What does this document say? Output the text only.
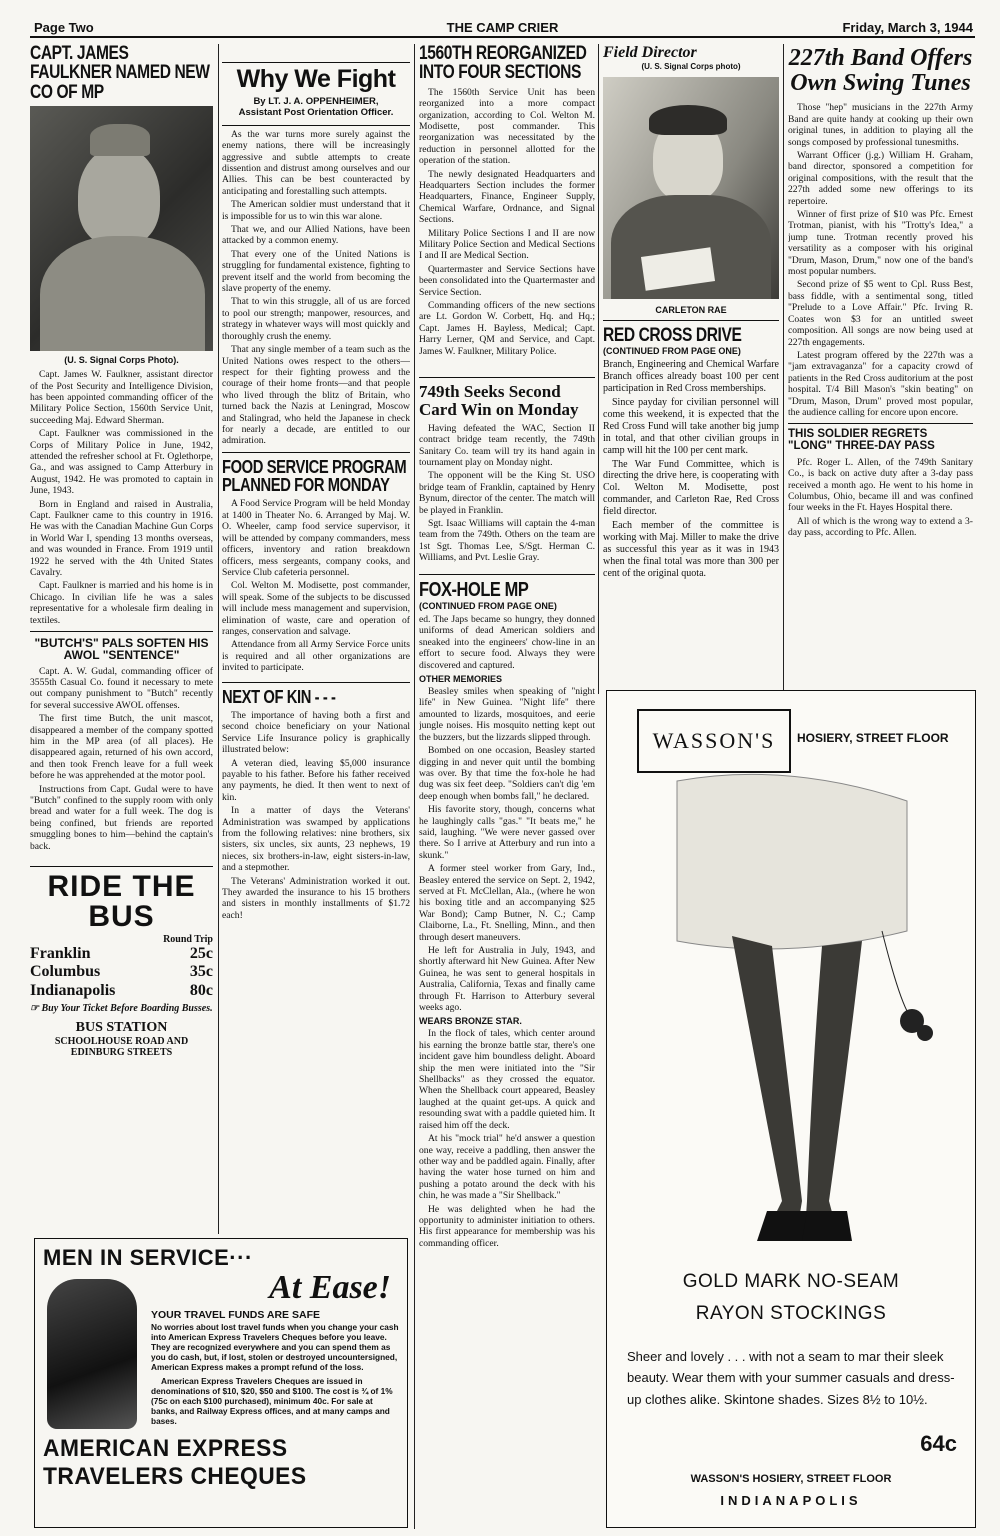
Page Two	THE CAMP CRIER	Friday, March 3, 1944
CAPT. JAMES FAULKNER NAMED NEW CO OF MP
(U. S. Signal Corps Photo).

Capt. James W. Faulkner, assistant director of the Post Security and Intelligence Division, has been appointed commanding officer of the Military Police Section, 1560th Service Unit, succeeding Maj. Edward Sherman.

Capt. Faulkner was commissioned in the Corps of Military Police in June, 1942, attended the refresher school at Ft. Oglethorpe, Ga., and was assigned to Camp Atterbury in August, 1942. He was promoted to captain in June, 1943.

Born in England and raised in Australia, Capt. Faulkner came to this country in 1916. He was with the Canadian Machine Gun Corps in World War I, spending 13 months overseas, and was wounded in France. From 1919 until 1922 he served with the 4th United States Cavalry.

Capt. Faulkner is married and his home is in Chicago. In civilian life he was a sales representative for a wholesale firm dealing in textiles.

"BUTCH'S" PALS SOFTEN HIS AWOL "SENTENCE"

Capt. A. W. Gudal, commanding officer of 3555th Casual Co. found it necessary to mete out company punishment to "Butch" recently for several successive AWOL offenses.

The first time Butch, the unit mascot, disappeared a member of the company spotted him in the MP area (of all places). He disappeared again, returned of his own accord, and then took French leave for a full week before he was apprehended at the motor pool.

Instructions from Capt. Gudal were to have "Butch" confined to the supply room with only bread and water for a full week. The dog is being confined, but friends are reported smuggling bones to him—behind the captain's back.

RIDE THE BUS
Round Trip
Franklin	25c
Columbus	35c
Indianapolis	80c
☞ Buy Your Ticket Before Boarding Busses.
BUS STATION
SCHOOLHOUSE ROAD AND EDINBURG STREETS
Why We Fight
By LT. J. A. OPPENHEIMER,
Assistant Post Orientation Officer.

As the war turns more surely against the enemy nations, there will be increasingly aggressive and subtle attempts to create dissention and distrust among ourselves and our Allies. This can be best counteracted by anticipating and forestalling such attempts.

The American soldier must understand that it is impossible for us to win this war alone.

That we, and our Allied Nations, have been attacked by a common enemy.

That every one of the United Nations is struggling for fundamental existence, fighting to prevent itself and the world from becoming the slave property of the enemy.

That to win this struggle, all of us are forced to pool our strength; manpower, resources, and strategy in whatever ways will most quickly and thoroughly crush the enemy.

That any single member of a team such as the United Nations owes respect to the others—respect for their fighting prowess and the courage of their home fronts—and that people who lived through the blitz of Britain, who turned back the Nazis at Leningrad, Moscow and Stalingrad, who held the Japanese in check for nearly a decade, are entitled to our admiration.

FOOD SERVICE PROGRAM PLANNED FOR MONDAY

A Food Service Program will be held Monday at 1400 in Theater No. 6. Arranged by Maj. W. O. Wheeler, camp food service supervisor, it will be attended by company commanders, mess officers, inventory and ration breakdown officers, mess sergeants, company cooks, and Service Club cafeteria personnel.

Col. Welton M. Modisette, post commander, will speak. Some of the subjects to be discussed will include mess management and supervision, elimination of waste, care and operation of ranges, conservation and salvage.

Attendance from all Army Service Force units is required and all other organizations are invited to participate.

NEXT OF KIN - - -

The importance of having both a first and second choice beneficiary on your National Service Life Insurance policy is graphically illustrated below:

A veteran died, leaving $5,000 insurance payable to his father. Before his father received any payments, he died. It then went to next of kin.

In a matter of days the Veterans' Administration was swamped by applications from the following relatives: nine brothers, six sisters, six uncles, six aunts, 23 nephews, 19 nieces, six brothers-in-law, eight sisters-in-law, and a stepmother.

The Veterans' Administration worked it out. They awarded the insurance to his 15 brothers and sisters in monthly installments of $1.72 each!

MEN IN SERVICE···
At Ease!
YOUR TRAVEL FUNDS ARE SAFE
No worries about lost travel funds when you change your cash into American Express Travelers Cheques before you leave. They are recognized everywhere and you can spend them as you do cash, but, if lost, stolen or destroyed uncountersigned, American Express makes a prompt refund of the loss.
American Express Travelers Cheques are issued in denominations of $10, $20, $50 and $100. The cost is ¾ of 1% (75c on each $100 purchased), minimum 40c. For sale at banks, and Railway Express offices, and at many camps and bases.
AMERICAN EXPRESS
TRAVELERS CHEQUES
1560TH REORGANIZED INTO FOUR SECTIONS

The 1560th Service Unit has been reorganized into a more compact organization, according to Col. Welton M. Modisette, post commander. This reorganization was necessitated by the reduction in personnel allotted for the operation of the station.

The newly designated Headquarters and Headquarters Section includes the former Headquarters, Finance, Engineer Supply, Chemical Warfare, Ordnance, and Signal Sections.

Military Police Sections I and II are now Military Police Section and Medical Sections I and II are Medical Section.

Quartermaster and Service Sections have been consolidated into the Quartermaster and Service Section.

Commanding officers of the new sections are Lt. Gordon W. Corbett, Hq. and Hq.; Capt. James H. Bayless, Medical; Capt. Harry Lerner, QM and Service, and Capt. James W. Faulkner, Military Police.

749th Seeks Second Card Win on Monday

Having defeated the WAC, Section II contract bridge team recently, the 749th Sanitary Co. team will try its hand again in tournament play on Monday night.

The opponent will be the King St. USO bridge team of Franklin, captained by Henry Bynum, director of the center. The match will be played in Franklin.

Sgt. Isaac Williams will captain the 4-man team from the 749th. Others on the team are 1st Sgt. Thomas Lee, S/Sgt. Herman C. Williams, and Pvt. Leslie Gray.

FOX-HOLE MP
(CONTINUED FROM PAGE ONE)

ed. The Japs became so hungry, they donned uniforms of dead American soldiers and sneaked into the engineers' chow-line in an effort to secure food. Always they were discovered and captured.

OTHER MEMORIES

Beasley smiles when speaking of "night life" in New Guinea. "Night life" there amounted to lizards, mosquitoes, and eerie jungle noises. His mosquito netting kept out the buzzers, but the lizzards slipped through.

Bombed on one occasion, Beasley started digging in and never quit until the bombing was over. By that time the fox-hole he had dug was six feet deep. "Soldiers can't dig 'em deep enough when bombs fall," he declared.

His favorite story, though, concerns what he laughingly calls "gas." "It beats me," he said, laughing. "We were never gassed over there. So I arrive at Atterbury and run into a skunk."

A former steel worker from Gary, Ind., Beasley entered the service on Sept. 2, 1942, served at Ft. McClellan, Ala., (where he won his boxing title and an accompanying $25 War Bond); Camp Butner, N. C.; Camp Claiborne, La., Ft. Snelling, Minn., and then through desert maneuvers.

He left for Australia in July, 1943, and shortly afterward hit New Guinea. After New Guinea, he was sent to general hospitals in Australia, California, Texas and finally came through Ft. Harrison to Atterbury several weeks ago.

WEARS BRONZE STAR.

In the flock of tales, which center around his earning the bronze battle star, there's one incident gave him boundless delight. Aboard ship the men were initiated into the "Sir Shellbacks" as they crossed the equator. When the Shellback court appeared, Beasley laughed at the quaint get-ups. A quick and resounding swat with a paddle quieted him. It raised him off the deck.

At his "mock trial" he'd answer a question one way, receive a paddling, then answer the other way and be paddled again. Finally, after having the water hose turned on him and pushing a potato around the deck with his chin, he was made a "Sir Shellback."

He was delighted when he had the opportunity to administer initiation to others. His first appearance for membership was his commanding officer.

Field Director
(U. S. Signal Corps photo)
CARLETON RAE
RED CROSS DRIVE
(CONTINUED FROM PAGE ONE)

Branch, Engineering and Chemical Warfare Branch offices already boast 100 per cent participation in Red Cross memberships.

Since payday for civilian personnel will come this weekend, it is expected that the Red Cross Fund will take another big jump in total, and that other civilian groups in camp will hit the 100 per cent mark.

The War Fund Committee, which is directing the drive here, is cooperating with Col. Welton M. Modisette, post commander, and Carleton Rae, Red Cross field director.

Each member of the committee is working with Maj. Miller to make the drive as successful this year as it was in 1943 when the final total was more than 300 per cent of the original quota.

227th Band Offers Own Swing Tunes

Those "hep" musicians in the 227th Army Band are quite handy at cooking up their own original tunes, in addition to playing all the songs composed by professional tunesmiths.

Warrant Officer (j.g.) William H. Graham, band director, sponsored a competition for original compositions, with the result that the 227th added some new offerings to its repertoire.

Winner of first prize of $10 was Pfc. Ernest Trotman, pianist, with his "Trotty's Idea," a jump tune. Trotman recently proved his versatility as a composer with his original "Drum, Mason, Drum," now one of the band's most popular numbers.

Second prize of $5 went to Cpl. Russ Best, bass fiddle, with a sentimental song, titled "Prelude to a Love Affair." Pfc. Irving R. Coates won $3 for an untitled sweet composition. All songs are now being used at 227th engagements.

Latest program offered by the 227th was a "jam extravaganza" for a capacity crowd of patients in the Red Cross auditorium at the post hospital. T/4 Bill Mason's "skin beating" on "Drum, Mason, Drum" proved most popular, the audience calling for encore upon encore.

THIS SOLDIER REGRETS "LONG" THREE-DAY PASS

Pfc. Roger L. Allen, of the 749th Sanitary Co., is back on active duty after a 3-day pass received a month ago. He went to his home in Columbus, Ohio, became ill and was confined four weeks in the Ft. Hayes Hospital there.

All of which is the wrong way to extend a 3-day pass, according to Pfc. Allen.

WASSON'S	HOSIERY, STREET FLOOR
GOLD MARK NO-SEAM
RAYON STOCKINGS
Sheer and lovely . . . with not a seam to mar their sleek beauty. Wear them with your summer casuals and dress-up clothes alike. Skintone shades. Sizes 8½ to 10½.
64c
WASSON'S HOSIERY, STREET FLOOR
INDIANAPOLIS
